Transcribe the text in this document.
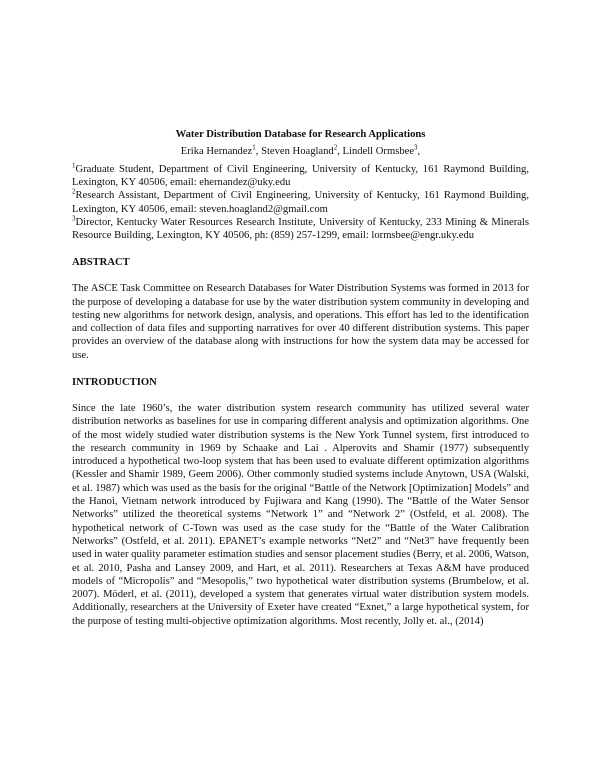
Water Distribution Database for Research Applications
Erika Hernandez$^1$, Steven Hoagland$^2$, Lindell Ormsbee$^3$,
$^1$Graduate Student, Department of Civil Engineering, University of Kentucky, 161 Raymond Building, Lexington, KY 40506, email: ehernandez@uky.edu
$^2$Research Assistant, Department of Civil Engineering, University of Kentucky, 161 Raymond Building, Lexington, KY 40506, email: steven.hoagland2@gmail.com
$^3$Director, Kentucky Water Resources Research Institute, University of Kentucky, 233 Mining & Minerals Resource Building, Lexington, KY 40506, ph: (859) 257-1299, email: lormsbee@engr.uky.edu
ABSTRACT

The ASCE Task Committee on Research Databases for Water Distribution Systems was formed in 2013 for the purpose of developing a database for use by the water distribution system community in developing and testing new algorithms for network design, analysis, and operations. This effort has led to the identification and collection of data files and supporting narratives for over 40 different distribution systems. This paper provides an overview of the database along with instructions for how the system data may be accessed for use.

INTRODUCTION

Since the late 1960’s, the water distribution system research community has utilized several water distribution networks as baselines for use in comparing different analysis and optimization algorithms. One of the most widely studied water distribution systems is the New York Tunnel system, first introduced to the research community in 1969 by Schaake and Lai . Alperovits and Shamir (1977) subsequently introduced a hypothetical two-loop system that has been used to evaluate different optimization algorithms (Kessler and Shamir 1989, Geem 2006). Other commonly studied systems include Anytown, USA (Walski, et al. 1987) which was used as the basis for the original “Battle of the Network [Optimization] Models” and the Hanoi, Vietnam network introduced by Fujiwara and Kang (1990). The “Battle of the Water Sensor Networks” utilized the theoretical systems “Network 1” and “Network 2” (Ostfeld, et al. 2008). The hypothetical network of C-Town was used as the case study for the “Battle of the Water Calibration Networks” (Ostfeld, et al. 2011). EPANET’s example networks “Net2” and “Net3” have frequently been used in water quality parameter estimation studies and sensor placement studies (Berry, et al. 2006, Watson, et al. 2010, Pasha and Lansey 2009, and Hart, et al. 2011). Researchers at Texas A&M have produced models of “Micropolis” and “Mesopolis,” two hypothetical water distribution systems (Brumbelow, et al. 2007). Möderl, et al. (2011), developed a system that generates virtual water distribution system models. Additionally, researchers at the University of Exeter have created “Exnet,” a large hypothetical system, for the purpose of testing multi-objective optimization algorithms. Most recently, Jolly et. al., (2014)
